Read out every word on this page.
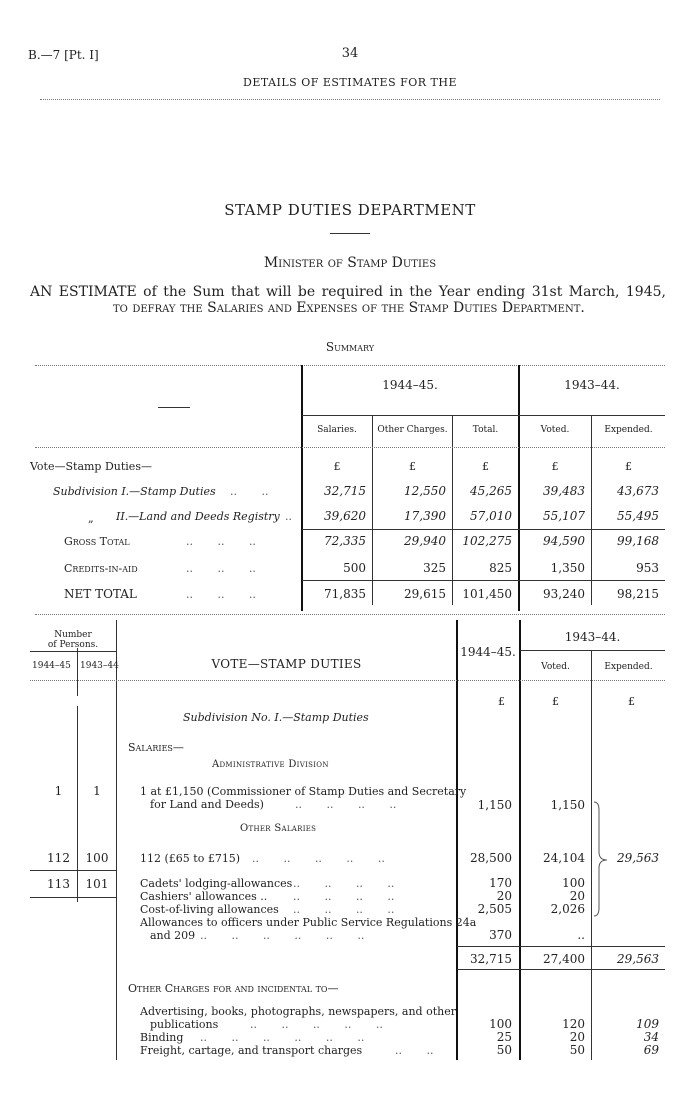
B.—7 [Pt. I]	34
DETAILS OF ESTIMATES FOR THE
STAMP DUTIES DEPARTMENT
Minister of Stamp Duties
AN ESTIMATE of the Sum that will be required in the Year ending 31st March, 1945,
to defray the Salaries and Expenses of the Stamp Duties Department.
Summary
1944–45.	1943–44.
Salaries.	Other Charges.	Total.	Voted.	Expended.
Vote—Stamp Duties—	£	£	£	£	£
Subdivision I.—Stamp Duties ..       ..	32,715	12,550	45,265	39,483	43,673
„ II.—Land and Deeds Registry ..	39,620	17,390	57,010	55,107	55,495
Gross Total	..       ..       ..	72,335	29,940	102,275	94,590	99,168
Credits-in-aid	..       ..       ..	500	325	825	1,350	953
NET TOTAL	..       ..       ..	71,835	29,615	101,450	93,240	98,215
Number
of Persons.
1944–45 1943–44	VOTE—STAMP DUTIES
1944–45.
1943–44.
Voted.	Expended.
£	£	£
Subdivision No. I.—Stamp Duties
Salaries—
Administrative Division
1	1	1 at £1,150 (Commissioner of Stamp Duties and Secretary
for Land and Deeds)	..       ..       ..       ..	1,150	1,150
Other Salaries
112	100	112 (£65 to £715) ..       ..       ..       ..       ..	28,500	24,104	29,563
113	101	Cadets' lodging-allowances ..       ..       ..       ..	170	100
Cashiers' allowances .. ..       ..       ..       ..	20	20
Cost-of-living allowances ..       ..       ..       ..	2,505	2,026
Allowances to officers under Public Service Regulations 24a
and 209 ..       ..       ..       ..       ..       ..	370	..
32,715	27,400	29,563
Other Charges for and incidental to—
Advertising, books, photographs, newspapers, and other
publications	..       ..       ..       ..       ..	100	120	109
Binding ..       ..       ..       ..       ..       ..	25	20	34
Freight, cartage, and transport charges	..       ..	50	50	69
